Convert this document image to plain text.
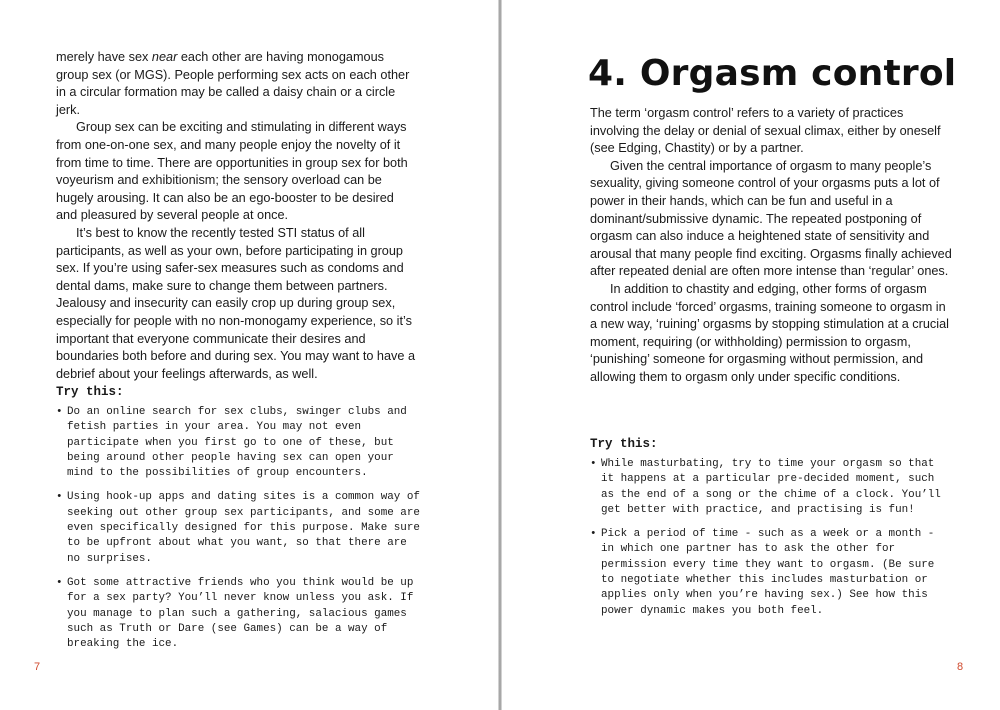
merely have sex near each other are having monogamous group sex (or MGS). People performing sex acts on each other in a circular formation may be called a daisy chain or a circle jerk.

Group sex can be exciting and stimulating in different ways from one-on-one sex, and many people enjoy the novelty of it from time to time. There are opportunities in group sex for both voyeurism and exhibitionism; the sensory overload can be hugely arousing. It can also be an ego-booster to be desired and pleasured by several people at once.

It’s best to know the recently tested STI status of all participants, as well as your own, before participating in group sex. If you’re using safer-sex measures such as condoms and dental dams, make sure to change them between partners. Jealousy and insecurity can easily crop up during group sex, especially for people with no non-monogamy experience, so it’s important that everyone communicate their desires and boundaries both before and during sex. You may want to have a debrief about your feelings afterwards, as well.

Try this:
• Do an online search for sex clubs, swinger clubs and fetish parties in your area. You may not even participate when you first go to one of these, but being around other people having sex can open your mind to the possibilities of group encounters.
• Using hook-up apps and dating sites is a common way of seeking out other group sex participants, and some are even specifically designed for this purpose. Make sure to be upfront about what you want, so that there are no surprises.
• Got some attractive friends who you think would be up for a sex party? You’ll never know unless you ask. If you manage to plan such a gathering, salacious games such as Truth or Dare (see Games) can be a way of breaking the ice.
7
4. Orgasm control

The term ‘orgasm control’ refers to a variety of practices involving the delay or denial of sexual climax, either by oneself (see Edging, Chastity) or by a partner.

Given the central importance of orgasm to many people’s sexuality, giving someone control of your orgasms puts a lot of power in their hands, which can be fun and useful in a dominant/submissive dynamic. The repeated postponing of orgasm can also induce a heightened state of sensitivity and arousal that many people find exciting. Orgasms finally achieved after repeated denial are often more intense than ‘regular’ ones.

In addition to chastity and edging, other forms of orgasm control include ‘forced’ orgasms, training someone to orgasm in a new way, ‘ruining’ orgasms by stopping stimulation at a crucial moment, requiring (or withholding) permission to orgasm, ‘punishing’ someone for orgasming without permission, and allowing them to orgasm only under specific conditions.

Try this:
• While masturbating, try to time your orgasm so that it happens at a particular pre-decided moment, such as the end of a song or the chime of a clock. You’ll get better with practice, and practising is fun!
• Pick a period of time - such as a week or a month - in which one partner has to ask the other for permission every time they want to orgasm. (Be sure to negotiate whether this includes masturbation or applies only when you’re having sex.) See how this power dynamic makes you both feel.
8
